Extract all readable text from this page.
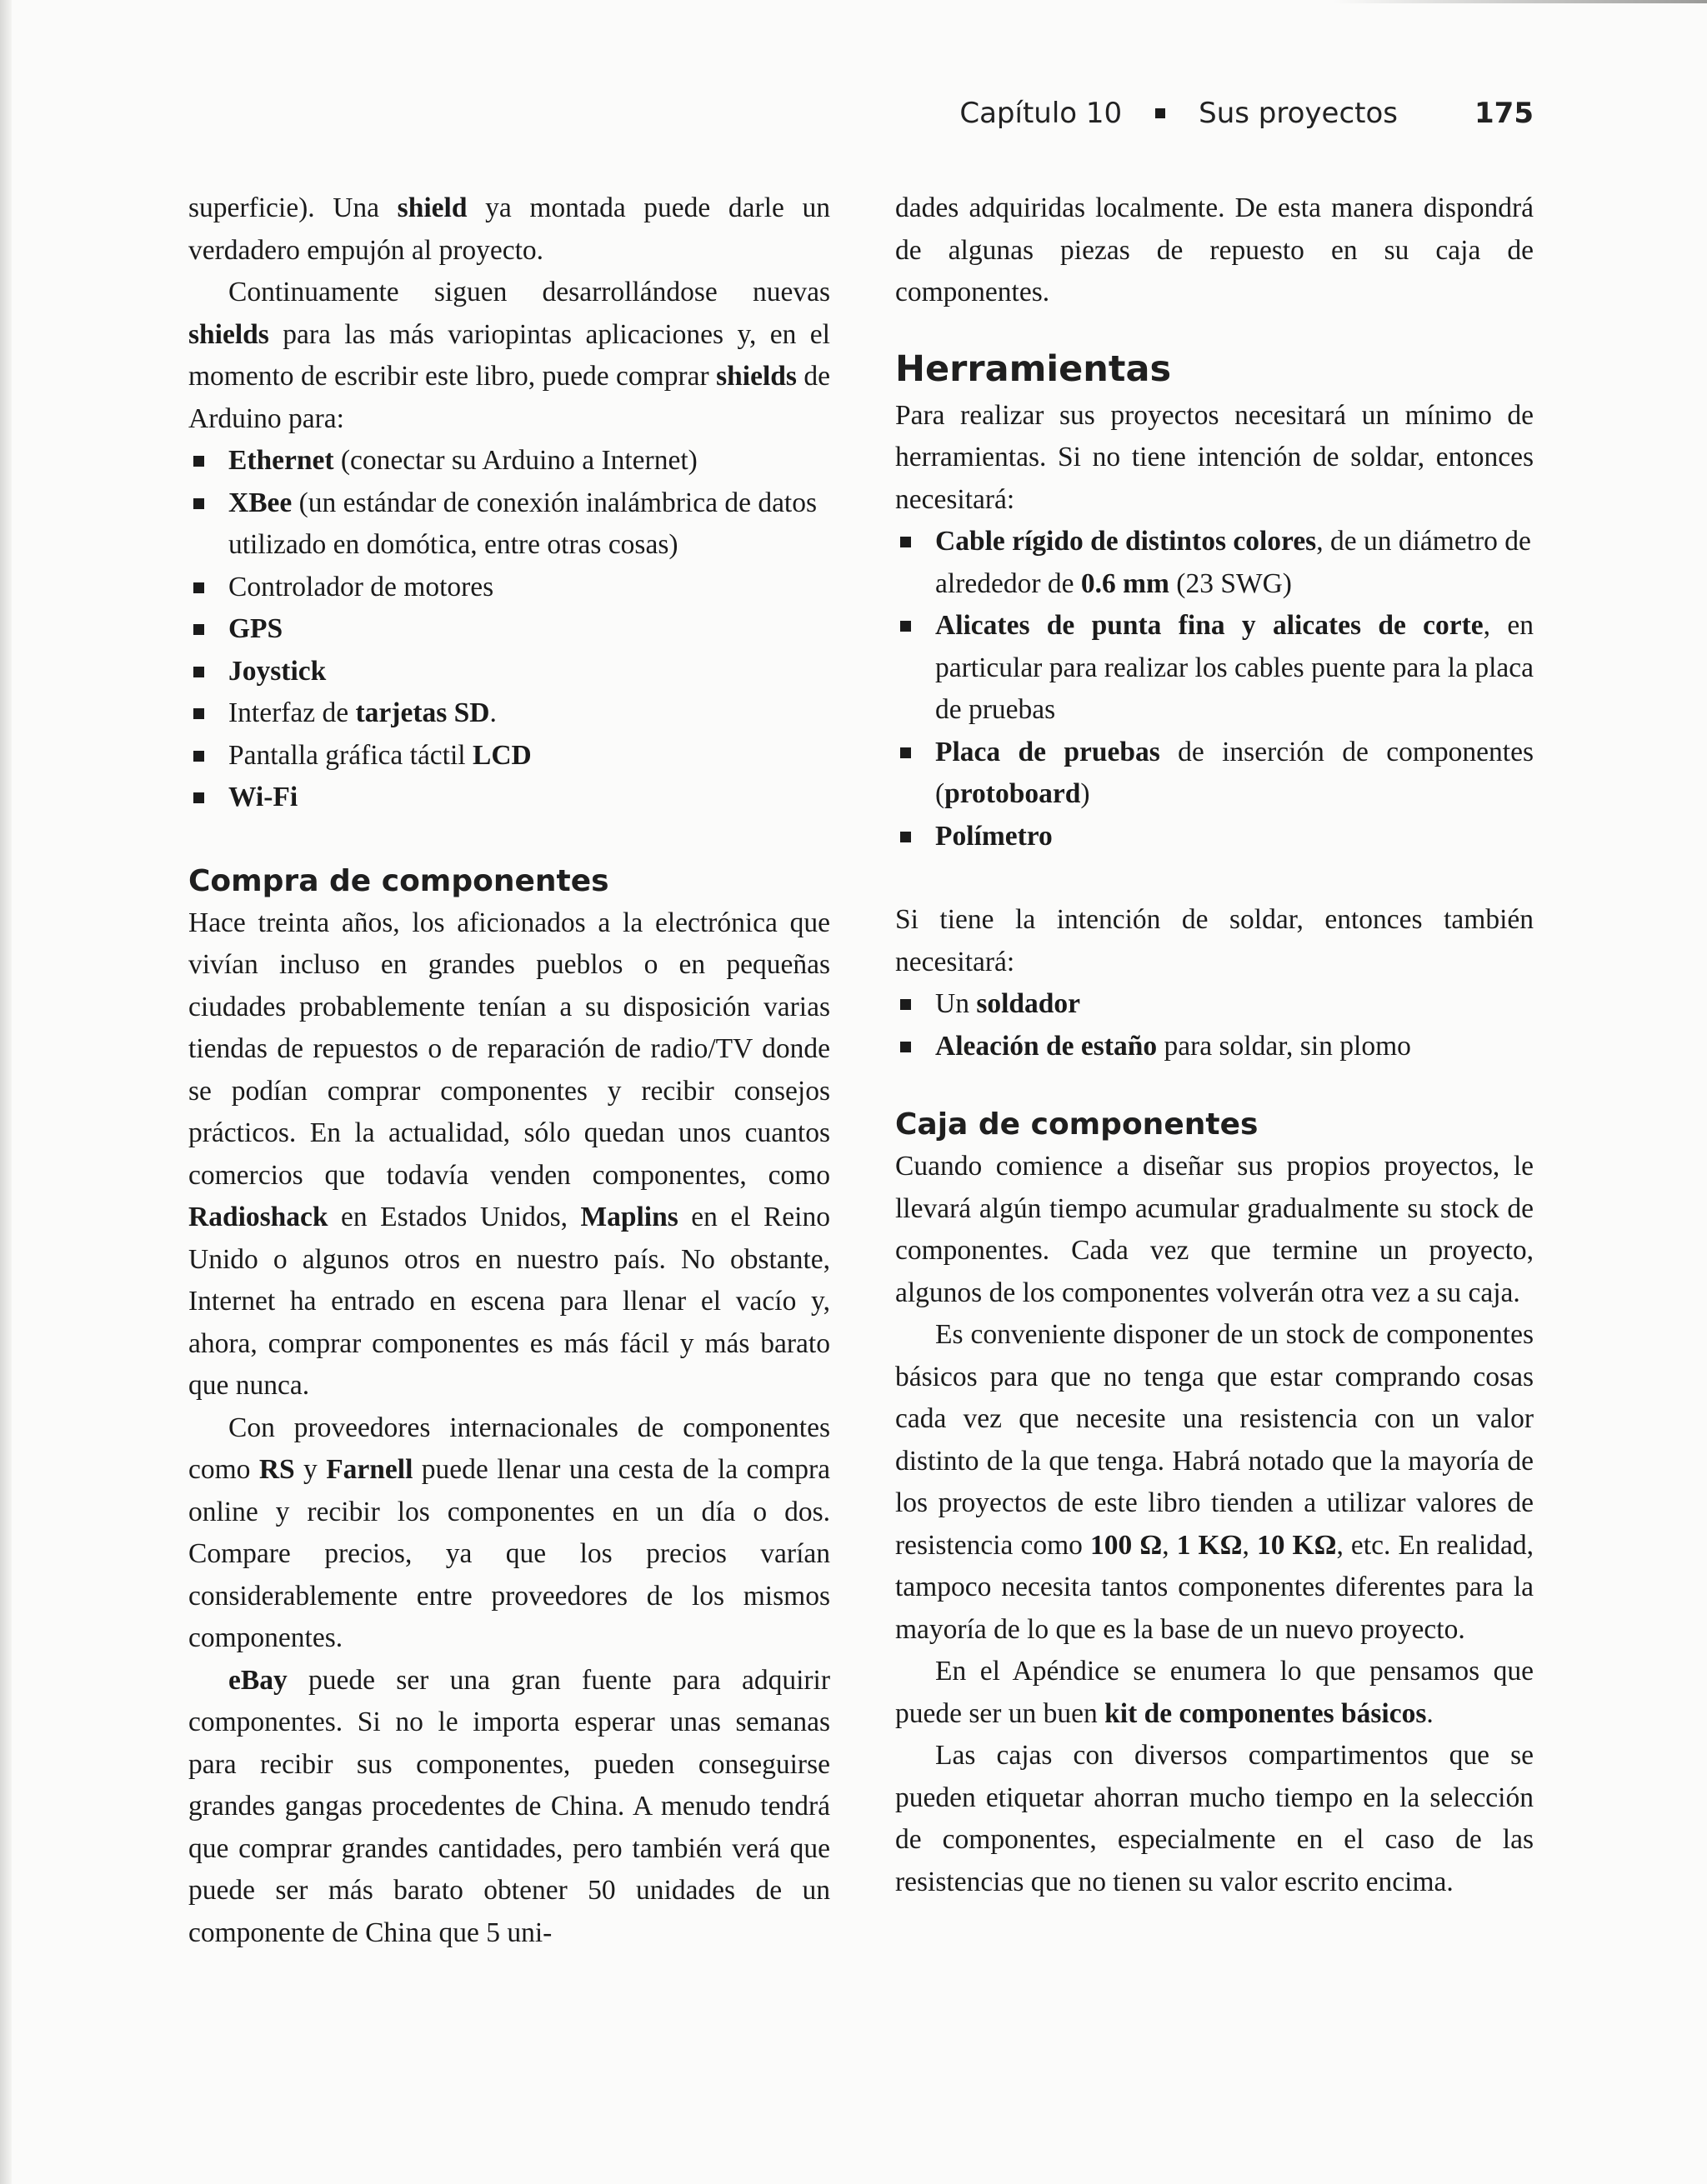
Capítulo 10	Sus proyectos	175

superficie). Una shield ya montada puede darle un verdadero empujón al proyecto.

Continuamente siguen desarrollándose nuevas shields para las más variopintas aplicaciones y, en el momento de escribir este libro, puede comprar shields de Arduino para:

Ethernet (conectar su Arduino a Internet)
XBee (un estándar de conexión inalámbrica de datos utilizado en domótica, entre otras cosas)
Controlador de motores
GPS
Joystick
Interfaz de tarjetas SD.
Pantalla gráfica táctil LCD
Wi-Fi
Compra de componentes

Hace treinta años, los aficionados a la electrónica que vivían incluso en grandes pueblos o en pequeñas ciudades probablemente tenían a su disposición varias tiendas de repuestos o de reparación de radio/TV donde se podían comprar componentes y recibir consejos prácticos. En la actualidad, sólo quedan unos cuantos comercios que todavía venden componentes, como Radioshack en Estados Unidos, Maplins en el Reino Unido o algunos otros en nuestro país. No obstante, Internet ha entrado en escena para llenar el vacío y, ahora, comprar componentes es más fácil y más barato que nunca.

Con proveedores internacionales de componentes como RS y Farnell puede llenar una cesta de la compra online y recibir los componentes en un día o dos. Compare precios, ya que los precios varían considerablemente entre proveedores de los mismos componentes.

eBay puede ser una gran fuente para adquirir componentes. Si no le importa esperar unas semanas para recibir sus componentes, pueden conseguirse grandes gangas procedentes de China. A menudo tendrá que comprar grandes cantidades, pero también verá que puede ser más barato obtener 50 unidades de un componente de China que 5 uni-

dades adquiridas localmente. De esta manera dispondrá de algunas piezas de repuesto en su caja de componentes.

Herramientas

Para realizar sus proyectos necesitará un mínimo de herramientas. Si no tiene intención de soldar, entonces necesitará:

Cable rígido de distintos colores, de un diámetro de alrededor de 0.6 mm (23 SWG)
Alicates de punta fina y alicates de corte, en particular para realizar los cables puente para la placa de pruebas
Placa de pruebas de inserción de componentes (protoboard)
Polímetro

Si tiene la intención de soldar, entonces también necesitará:

Un soldador
Aleación de estaño para soldar, sin plomo
Caja de componentes

Cuando comience a diseñar sus propios proyectos, le llevará algún tiempo acumular gradualmente su stock de componentes. Cada vez que termine un proyecto, algunos de los componentes volverán otra vez a su caja.

Es conveniente disponer de un stock de componentes básicos para que no tenga que estar comprando cosas cada vez que necesite una resistencia con un valor distinto de la que tenga. Habrá notado que la mayoría de los proyectos de este libro tienden a utilizar valores de resistencia como 100 Ω, 1 KΩ, 10 KΩ, etc. En realidad, tampoco necesita tantos componentes diferentes para la mayoría de lo que es la base de un nuevo proyecto.

En el Apéndice se enumera lo que pensamos que puede ser un buen kit de componentes básicos.

Las cajas con diversos compartimentos que se pueden etiquetar ahorran mucho tiempo en la selección de componentes, especialmente en el caso de las resistencias que no tienen su valor escrito encima.
